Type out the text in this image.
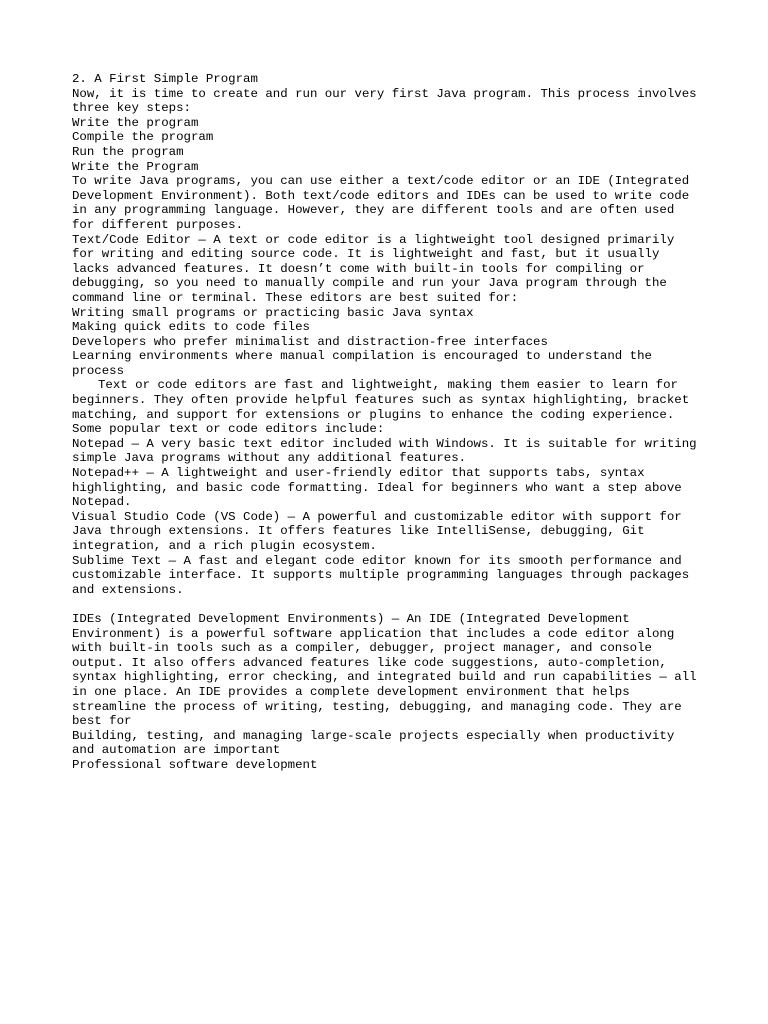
2. A First Simple Program
Now, it is time to create and run our very first Java program. This process involves three key steps:
Write the program
Compile the program
Run the program
Write the Program
To write Java programs, you can use either a text/code editor or an IDE (Integrated Development Environment). Both text/code editors and IDEs can be used to write code in any programming language. However, they are different tools and are often used for different purposes.
Text/Code Editor — A text or code editor is a lightweight tool designed primarily for writing and editing source code. It is lightweight and fast, but it usually lacks advanced features. It doesn’t come with built-in tools for compiling or debugging, so you need to manually compile and run your Java program through the command line or terminal. These editors are best suited for:
Writing small programs or practicing basic Java syntax
Making quick edits to code files
Developers who prefer minimalist and distraction-free interfaces
Learning environments where manual compilation is encouraged to understand the process
Text or code editors are fast and lightweight, making them easier to learn for beginners. They often provide helpful features such as syntax highlighting, bracket matching, and support for extensions or plugins to enhance the coding experience.
Some popular text or code editors include:
Notepad — A very basic text editor included with Windows. It is suitable for writing simple Java programs without any additional features.
Notepad++ — A lightweight and user-friendly editor that supports tabs, syntax highlighting, and basic code formatting. Ideal for beginners who want a step above Notepad.
Visual Studio Code (VS Code) — A powerful and customizable editor with support for Java through extensions. It offers features like IntelliSense, debugging, Git integration, and a rich plugin ecosystem.
Sublime Text — A fast and elegant code editor known for its smooth performance and customizable interface. It supports multiple programming languages through packages and extensions.
IDEs (Integrated Development Environments) — An IDE (Integrated Development Environment) is a powerful software application that includes a code editor along with built-in tools such as a compiler, debugger, project manager, and console output. It also offers advanced features like code suggestions, auto-completion, syntax highlighting, error checking, and integrated build and run capabilities — all in one place. An IDE provides a complete development environment that helps streamline the process of writing, testing, debugging, and managing code. They are best for
Building, testing, and managing large-scale projects especially when productivity and automation are important
Professional software development
